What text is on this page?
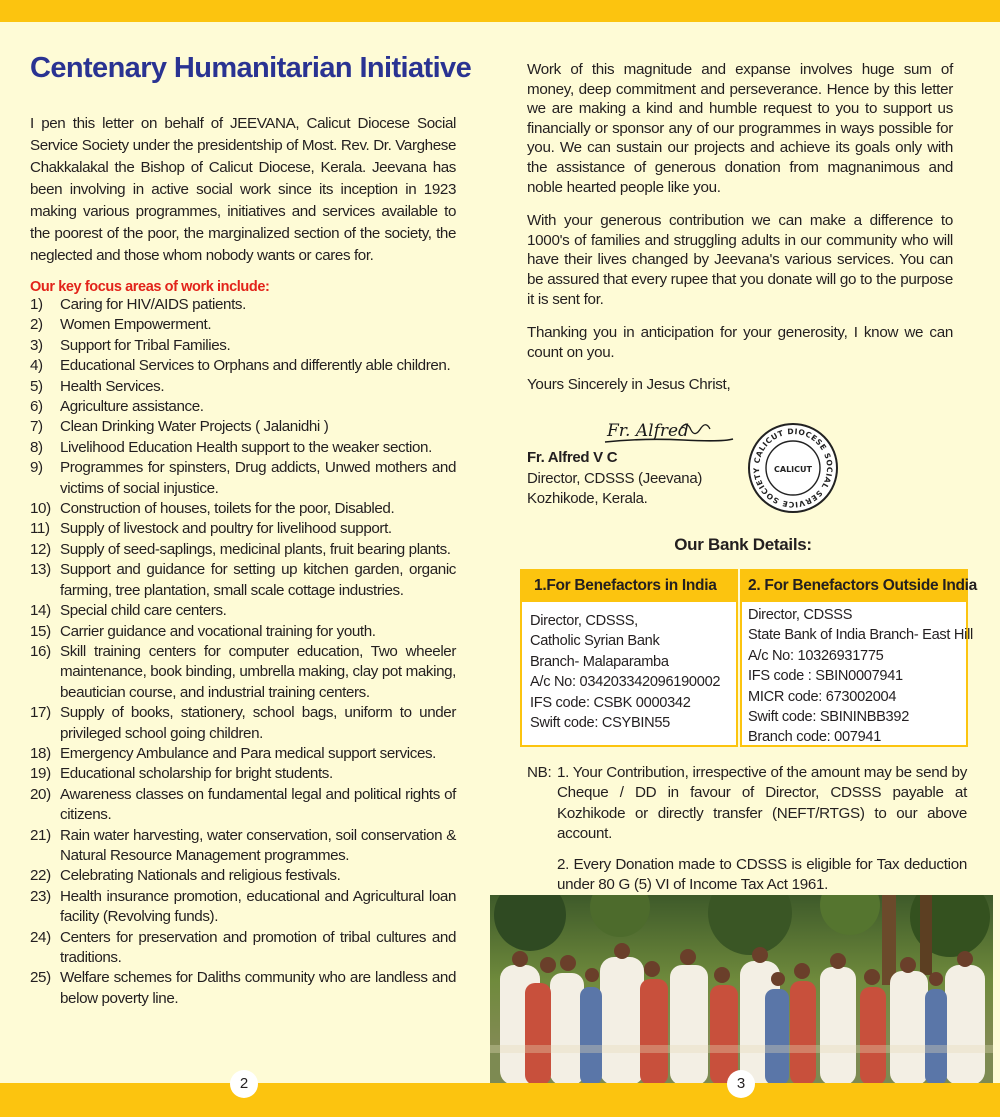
Centenary Humanitarian Initiative

I pen this letter on behalf of JEEVANA, Calicut Diocese Social Service Society under the presidentship of Most. Rev. Dr. Varghese Chakkalakal the Bishop of Calicut Diocese, Kerala. Jeevana has been involving in active social work since its inception in 1923 making various programmes, initiatives and services available to the poorest of the poor, the marginalized section of the society, the neglected and those whom nobody wants or cares for.

Our key focus areas of work include:

1) Caring for HIV/AIDS patients.
2) Women Empowerment.
3) Support for Tribal Families.
4) Educational Services to Orphans and differently able children.
5) Health Services.
6) Agriculture assistance.
7) Clean Drinking Water Projects ( Jalanidhi )
8) Livelihood Education Health support to the weaker section.
9) Programmes for spinsters, Drug addicts, Unwed mothers and victims of social injustice.
10) Construction of houses, toilets for the poor, Disabled.
11) Supply of livestock and poultry for livelihood support.
12) Supply of seed-saplings, medicinal plants, fruit bearing plants.
13) Support and guidance for setting up kitchen garden, organic farming, tree plantation, small scale cottage industries.
14) Special child care centers.
15) Carrier guidance and vocational training for youth.
16) Skill training centers for computer education, Two wheeler maintenance, book binding, umbrella making, clay pot making, beautician course, and industrial training centers.
17) Supply of books, stationery, school bags, uniform to under privileged school going children.
18) Emergency Ambulance and Para medical support services.
19) Educational scholarship for bright students.
20) Awareness classes on fundamental legal and political rights of citizens.
21) Rain water harvesting, water conservation, soil conservation & Natural Resource Management programmes.
22) Celebrating Nationals and religious festivals.
23) Health insurance promotion, educational and Agricultural loan facility (Revolving funds).
24) Centers for preservation and promotion of tribal cultures and traditions.
25) Welfare schemes for Daliths community who are landless and below poverty line.

Work of this magnitude and expanse involves huge sum of money, deep commitment and perseverance. Hence by this letter we are making a kind and humble request to you to support us financially or sponsor any of our programmes in ways possible for you. We can sustain our projects and achieve its goals only with the assistance of generous donation from magnanimous and noble hearted people like you.

With your generous contribution we can make a difference to 1000's of families and struggling adults in our community who will have their lives changed by Jeevana's various services. You can be assured that every rupee that you donate will go to the purpose it is sent for.

Thanking you in anticipation for your generosity, I know we can count on you.

Yours Sincerely in Jesus Christ,

Fr. Alfred
Fr. Alfred V C
Director, CDSSS (Jeevana)
Kozhikode, Kerala.
CALICUT DIOCESE SOCIAL SERVICE SOCIETY	CALICUT
Our Bank Details:
1.For Benefactors in India
Director, CDSSS,
Catholic Syrian Bank
Branch- Malaparamba
A/c No: 034203342096190002
IFS code: CSBK 0000342
Swift code: CSYBIN55
2. For Benefactors Outside India
Director, CDSSS
State Bank of India Branch- East Hill
A/c No: 10326931775
IFS code : SBIN0007941
MICR code: 673002004
Swift code: SBININBB392
Branch code: 007941
NB: 1. Your Contribution, irrespective of the amount may be send by Cheque / DD in favour of Director, CDSSS payable at Kozhikode or directly transfer (NEFT/RTGS) to our above account.
2. Every Donation made to CDSSS is eligible for Tax deduction under 80 G (5) VI of Income Tax Act 1961.
2	3
